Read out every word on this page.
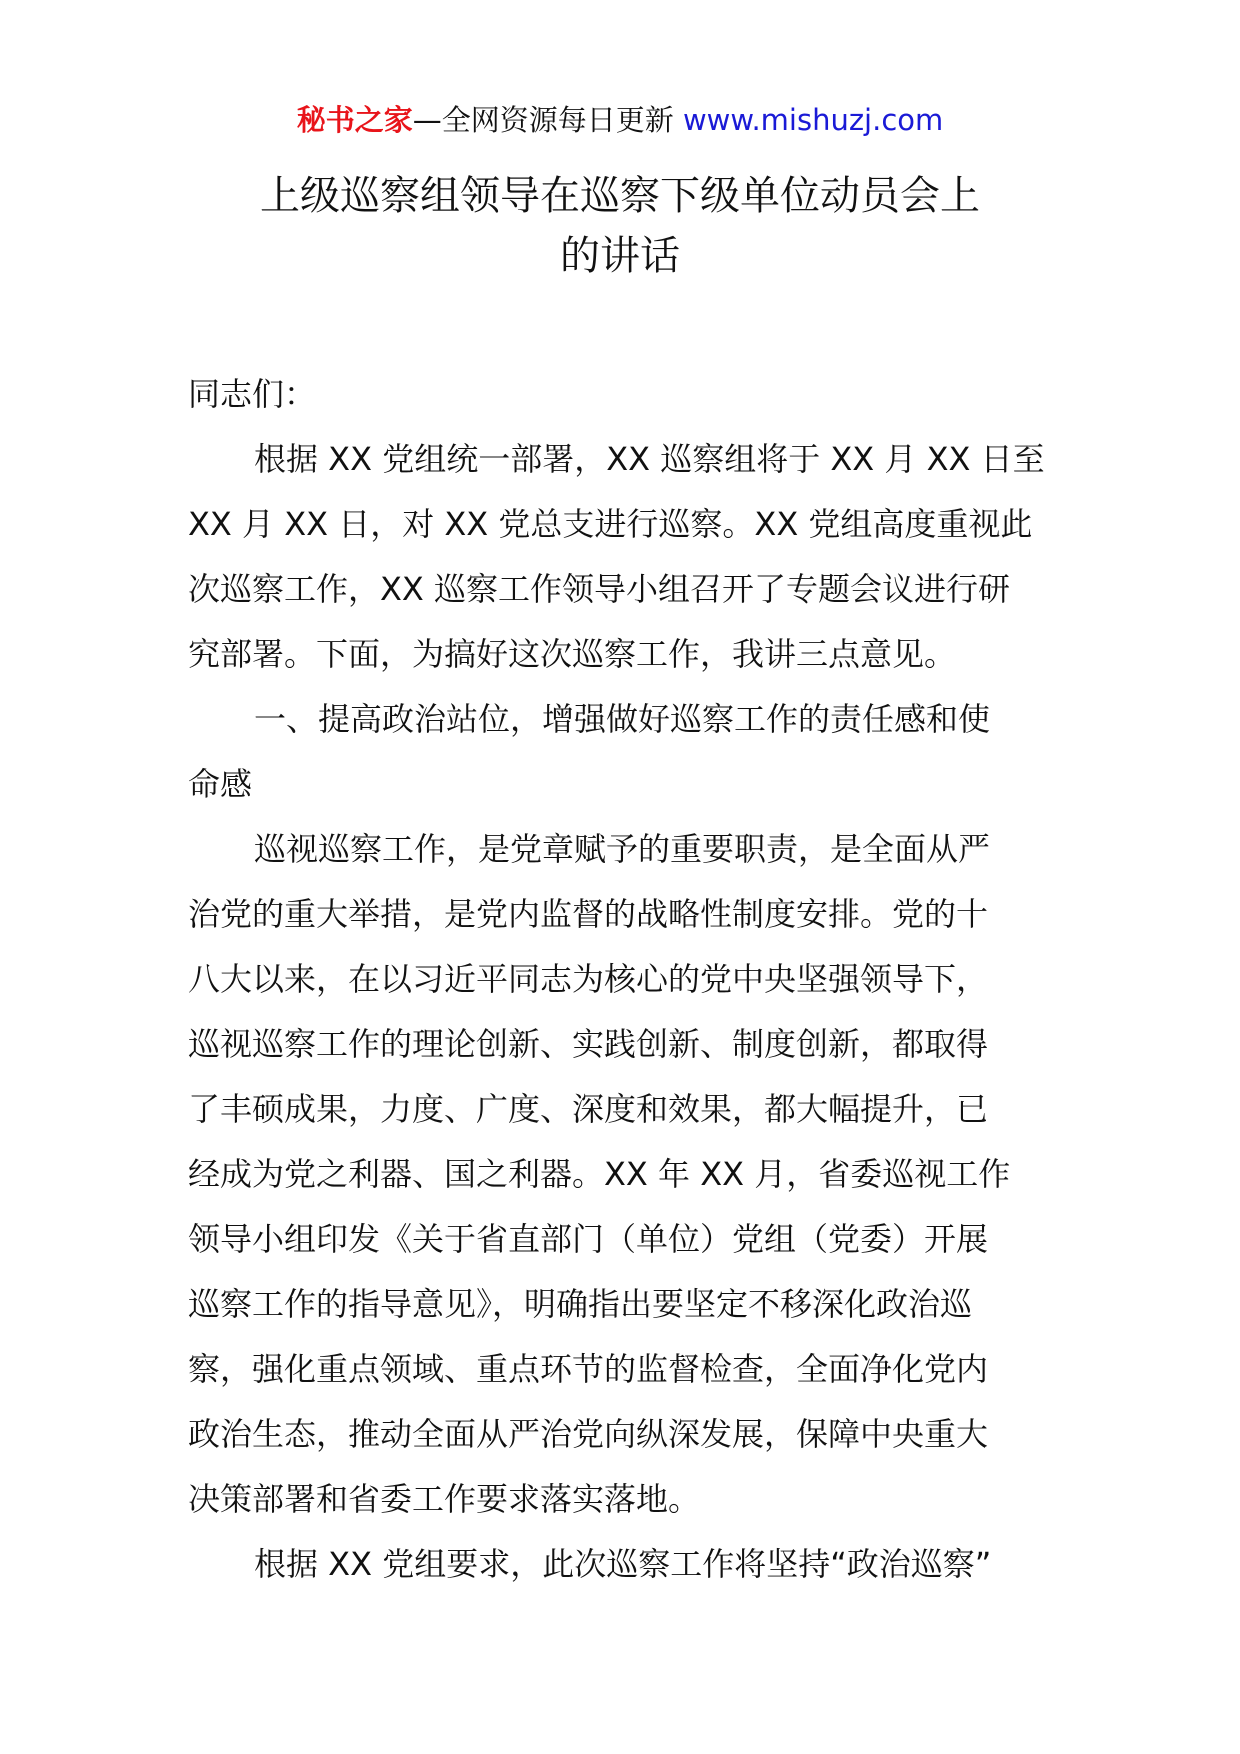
秘书之家—全网资源每日更新 www.mishuzj.com
上级巡察组领导在巡察下级单位动员会上
的讲话
同志们：
根据 XX 党组统一部署，XX 巡察组将于 XX 月 XX 日至
XX 月 XX 日，对 XX 党总支进行巡察。XX 党组高度重视此
次巡察工作，XX 巡察工作领导小组召开了专题会议进行研
究部署。下面，为搞好这次巡察工作，我讲三点意见。
一、提高政治站位，增强做好巡察工作的责任感和使
命感
巡视巡察工作，是党章赋予的重要职责，是全面从严
治党的重大举措，是党内监督的战略性制度安排。党的十
八大以来，在以习近平同志为核心的党中央坚强领导下，
巡视巡察工作的理论创新、实践创新、制度创新，都取得
了丰硕成果，力度、广度、深度和效果，都大幅提升，已
经成为党之利器、国之利器。XX 年 XX 月，省委巡视工作
领导小组印发《关于省直部门（单位）党组（党委）开展
巡察工作的指导意见》，明确指出要坚定不移深化政治巡
察，强化重点领域、重点环节的监督检查，全面净化党内
政治生态，推动全面从严治党向纵深发展，保障中央重大
决策部署和省委工作要求落实落地。
根据 XX 党组要求，此次巡察工作将坚持“政治巡察”
